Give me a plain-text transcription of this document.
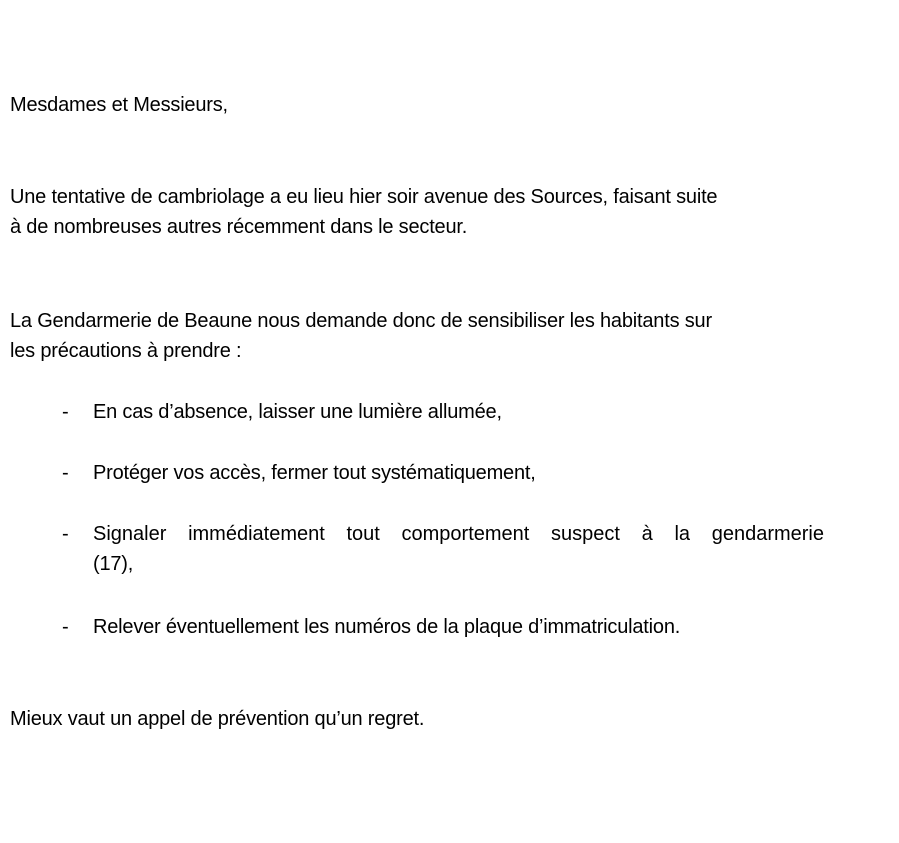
Mesdames et Messieurs,

Une tentative de cambriolage a eu lieu hier soir avenue des Sources, faisant suite

à de nombreuses autres récemment dans le secteur.

La Gendarmerie de Beaune nous demande donc de sensibiliser les habitants sur

les précautions à prendre :

- En cas d’absence, laisser une lumière allumée,

- Protéger vos accès, fermer tout systématiquement,

- Signaler immédiatement tout comportement suspect à la gendarmerie

(17),

- Relever éventuellement les numéros de la plaque d’immatriculation.

Mieux vaut un appel de prévention qu’un regret.
